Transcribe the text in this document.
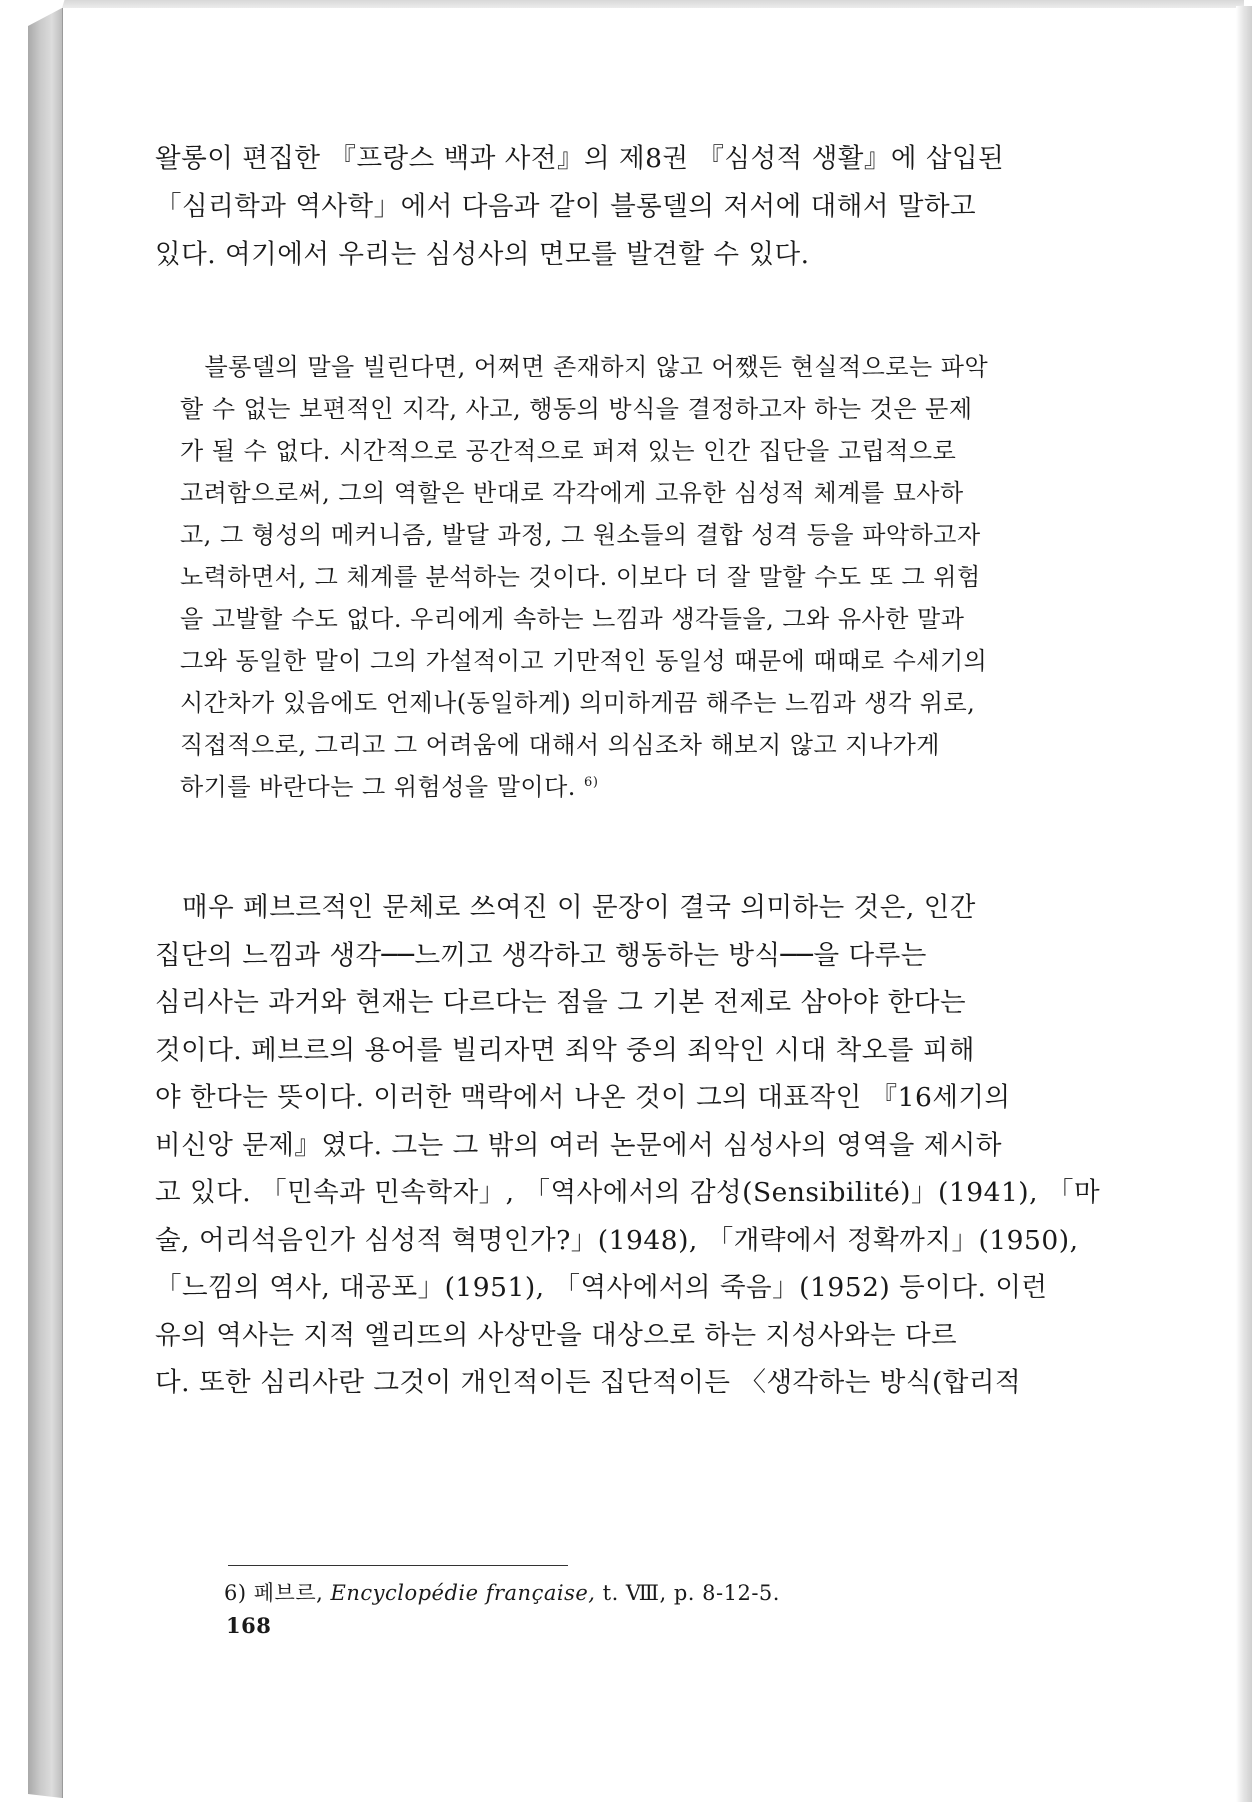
왈롱이 편집한 『프랑스 백과 사전』의 제8권 『심성적 생활』에 삽입된
「심리학과 역사학」에서 다음과 같이 블롱델의 저서에 대해서 말하고
있다. 여기에서 우리는 심성사의 면모를 발견할 수 있다.
 블롱델의 말을 빌린다면, 어쩌면 존재하지 않고 어쨌든 현실적으로는 파악
할 수 없는 보편적인 지각, 사고, 행동의 방식을 결정하고자 하는 것은 문제
가 될 수 없다. 시간적으로 공간적으로 퍼져 있는 인간 집단을 고립적으로
고려함으로써, 그의 역할은 반대로 각각에게 고유한 심성적 체계를 묘사하
고, 그 형성의 메커니즘, 발달 과정, 그 원소들의 결합 성격 등을 파악하고자
노력하면서, 그 체계를 분석하는 것이다. 이보다 더 잘 말할 수도 또 그 위험
을 고발할 수도 없다. 우리에게 속하는 느낌과 생각들을, 그와 유사한 말과
그와 동일한 말이 그의 가설적이고 기만적인 동일성 때문에 때때로 수세기의
시간차가 있음에도 언제나(동일하게) 의미하게끔 해주는 느낌과 생각 위로,
직접적으로, 그리고 그 어려움에 대해서 의심조차 해보지 않고 지나가게
하기를 바란다는 그 위험성을 말이다. $^{6)}$
 매우 페브르적인 문체로 쓰여진 이 문장이 결국 의미하는 것은, 인간
집단의 느낌과 생각──느끼고 생각하고 행동하는 방식──을 다루는
심리사는 과거와 현재는 다르다는 점을 그 기본 전제로 삼아야 한다는
것이다. 페브르의 용어를 빌리자면 죄악 중의 죄악인 시대 착오를 피해
야 한다는 뜻이다. 이러한 맥락에서 나온 것이 그의 대표작인 『16세기의
비신앙 문제』였다. 그는 그 밖의 여러 논문에서 심성사의 영역을 제시하
고 있다. 「민속과 민속학자」, 「역사에서의 감성(Sensibilité)」(1941), 「마
술, 어리석음인가 심성적 혁명인가?」(1948), 「개략에서 정확까지」(1950),
「느낌의 역사, 대공포」(1951), 「역사에서의 죽음」(1952) 등이다. 이런
유의 역사는 지적 엘리뜨의 사상만을 대상으로 하는 지성사와는 다르
다. 또한 심리사란 그것이 개인적이든 집단적이든 〈생각하는 방식(합리적
6) 페브르, Encyclopédie française, t. Ⅷ, p. 8-12-5.
168
